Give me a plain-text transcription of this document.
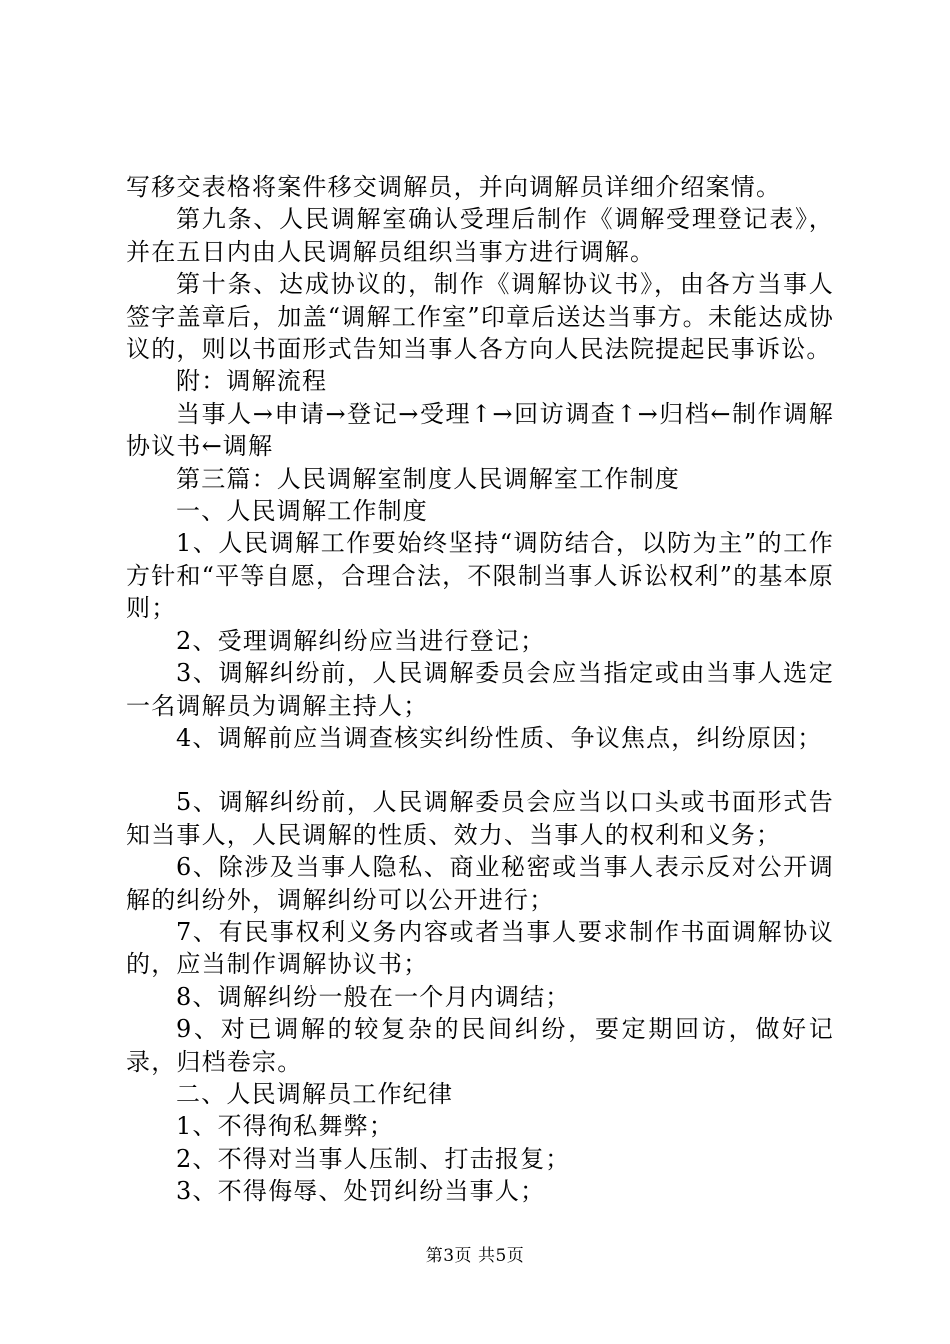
写移交表格将案件移交调解员，并向调解员详细介绍案情。

第九条、人民调解室确认受理后制作《调解受理登记表》，并在五日内由人民调解员组织当事方进行调解。

第十条、达成协议的，制作《调解协议书》，由各方当事人签字盖章后，加盖“调解工作室”印章后送达当事方。未能达成协议的，则以书面形式告知当事人各方向人民法院提起民事诉讼。

附：调解流程

当事人→申请→登记→受理↑→回访调查↑→归档←制作调解协议书←调解

第三篇：人民调解室制度人民调解室工作制度

一、人民调解工作制度

1、人民调解工作要始终坚持“调防结合，以防为主”的工作方针和“平等自愿，合理合法，不限制当事人诉讼权利”的基本原则；

2、受理调解纠纷应当进行登记；

3、调解纠纷前，人民调解委员会应当指定或由当事人选定一名调解员为调解主持人；

4、调解前应当调查核实纠纷性质、争议焦点，纠纷原因；

5、调解纠纷前，人民调解委员会应当以口头或书面形式告知当事人，人民调解的性质、效力、当事人的权利和义务；

6、除涉及当事人隐私、商业秘密或当事人表示反对公开调解的纠纷外，调解纠纷可以公开进行；

7、有民事权利义务内容或者当事人要求制作书面调解协议的，应当制作调解协议书；

8、调解纠纷一般在一个月内调结；

9、对已调解的较复杂的民间纠纷，要定期回访，做好记录，归档卷宗。

二、人民调解员工作纪律

1、不得徇私舞弊；

2、不得对当事人压制、打击报复；

3、不得侮辱、处罚纠纷当事人；

第3页 共5页
